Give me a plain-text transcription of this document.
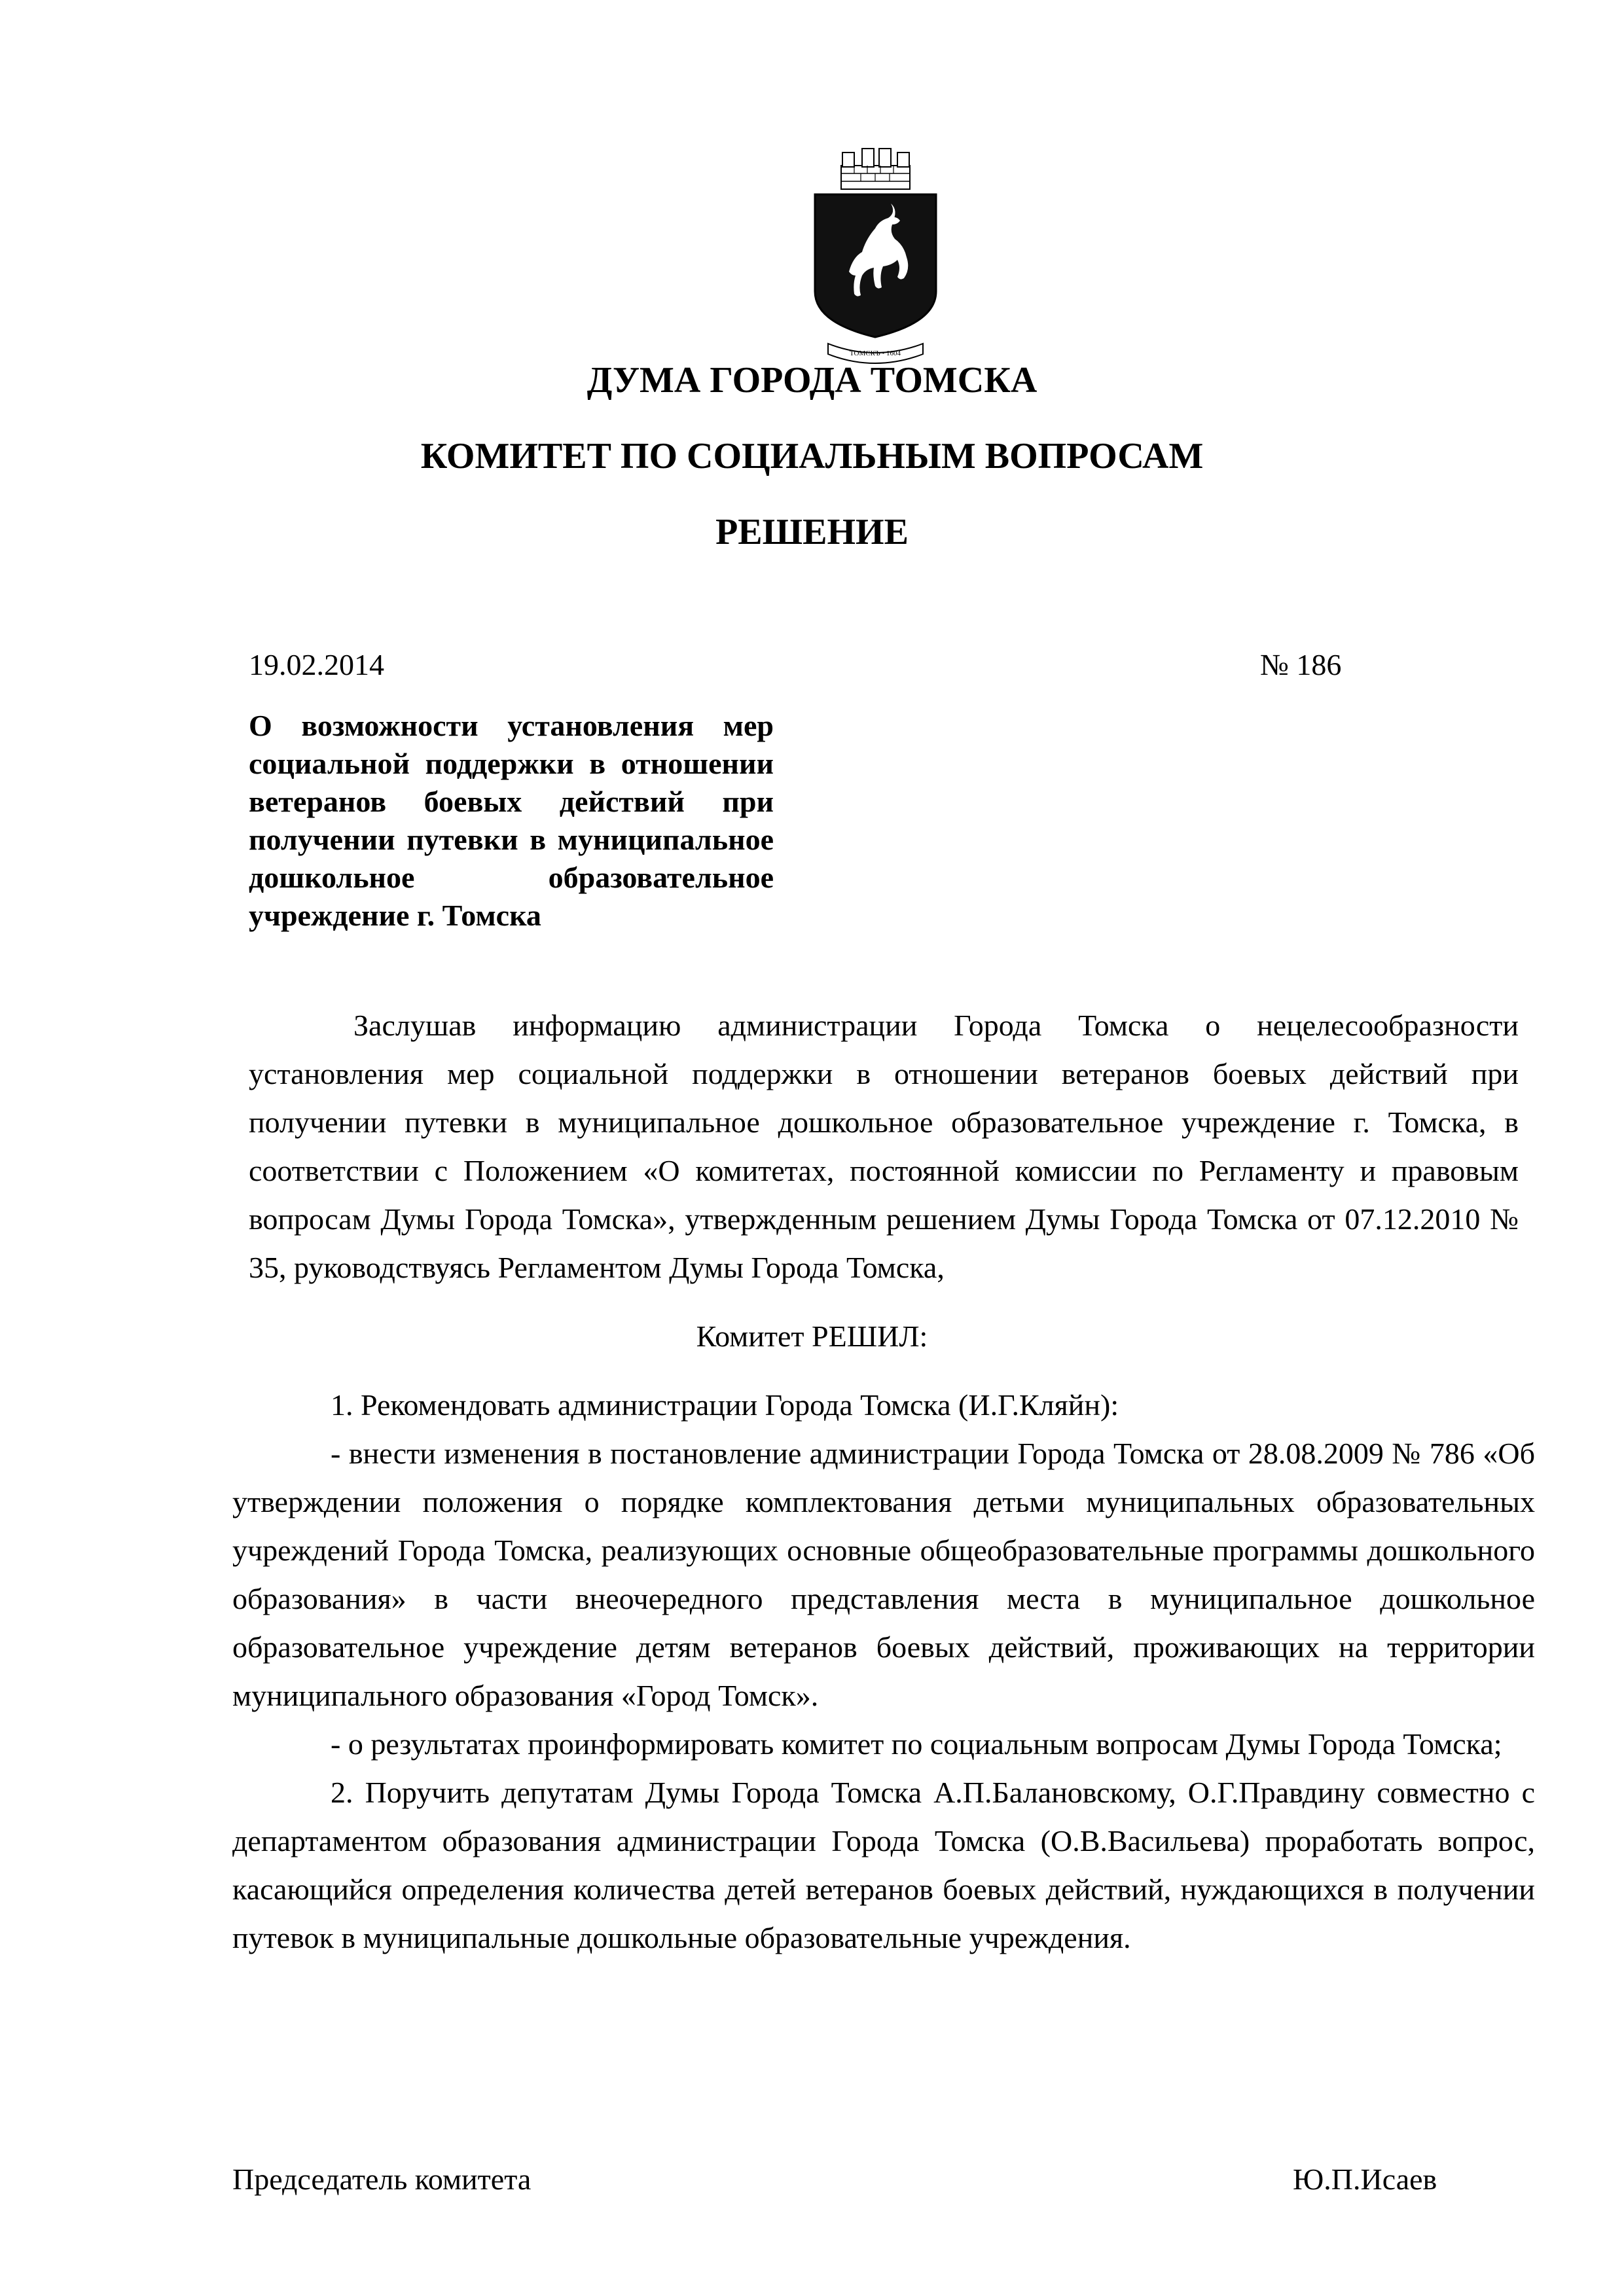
ТОМСКЪ • 1604
ДУМА ГОРОДА ТОМСКА
КОМИТЕТ ПО СОЦИАЛЬНЫМ ВОПРОСАМ
РЕШЕНИЕ
19.02.2014	№ 186
О возможности установления мер социальной поддержки в отношении ветеранов боевых действий при получении путевки в муниципальное дошкольное образовательное учреждение г. Томска

Заслушав информацию администрации Города Томска о нецелесообразности установления мер социальной поддержки в отношении ветеранов боевых действий при получении путевки в муниципальное дошкольное образовательное учреждение г. Томска, в соответствии с Положением «О комитетах, постоянной комиссии по Регламенту и правовым вопросам Думы Города Томска», утвержденным решением Думы Города Томска от 07.12.2010 № 35, руководствуясь Регламентом Думы Города Томска,

Комитет РЕШИЛ:

1. Рекомендовать администрации Города Томска (И.Г.Кляйн):

- внести изменения в постановление администрации Города Томска от 28.08.2009 № 786 «Об утверждении положения о порядке комплектования детьми муниципальных образовательных учреждений Города Томска, реализующих основные общеобразовательные программы дошкольного образования» в части внеочередного представления места в муниципальное дошкольное образовательное учреждение детям ветеранов боевых действий, проживающих на территории муниципального образования «Город Томск».

- о результатах проинформировать комитет по социальным вопросам Думы Города Томска;

2. Поручить депутатам Думы Города Томска А.П.Балановскому, О.Г.Правдину совместно с департаментом образования администрации Города Томска (О.В.Васильева) проработать вопрос, касающийся определения количества детей ветеранов боевых действий, нуждающихся в получении путевок в муниципальные дошкольные образовательные учреждения.

Председатель комитета	Ю.П.Исаев
